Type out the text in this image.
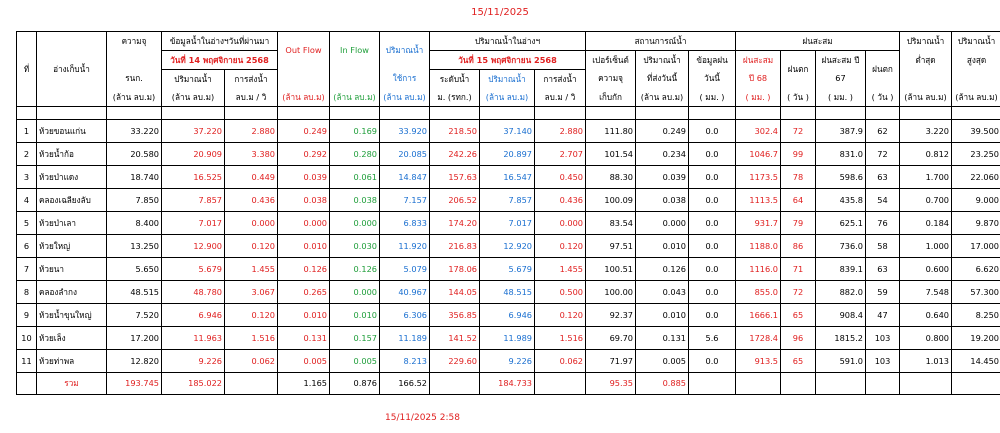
15/11/2025
ที่	อ่างเก็บน้ำ	ความจุ	ข้อมูลน้ำในอ่างฯวันที่ผ่านมา		Out Flow	In Flow	ปริมาณน้ำ	ปริมาณน้ำในอ่างฯ			สถานการณ์น้ำ			ฝนสะสม				ปริมาณน้ำ	ปริมาณน้ำ
			วันที่ 14 พฤศจิกายน 2568					วันที่ 15 พฤศจิกายน 2568			เปอร์เซ็นต์	ปริมาณน้ำ	ข้อมูลฝน	ฝนสะสม	ฝนตก	ฝนสะสม ปี	ฝนตก	ต่ำสุด	สูงสุด
		รนก.	ปริมาณน้ำ	การส่งน้ำ			ใช้การ	ระดับน้ำ	ปริมาณน้ำ	การส่งน้ำ	ความจุ	ที่ส่งวันนี้	วันนี้	ปี 68		67			
		(ล้าน ลบ.ม)	(ล้าน ลบ.ม)	ลบ.ม / วิ	(ล้าน ลบ.ม)	(ล้าน ลบ.ม)	(ล้าน ลบ.ม)	ม. (รทก.)	(ล้าน ลบ.ม)	ลบ.ม / วิ	เก็บกัก	(ล้าน ลบ.ม)	( มม. )	( มม. )	( วัน )	( มม. )	( วัน )	(ล้าน ลบ.ม)	(ล้าน ลบ.ม)

1	ห้วยขอนแก่น	33.220	37.220	2.880	0.249	0.169	33.920	218.50	37.140	2.880	111.80	0.249	0.0	302.4	72	387.9	62	3.220	39.500
2	ห้วยน้ำก้อ	20.580	20.909	3.380	0.292	0.280	20.085	242.26	20.897	2.707	101.54	0.234	0.0	1046.7	99	831.0	72	0.812	23.250
3	ห้วยป่าแดง	18.740	16.525	0.449	0.039	0.061	14.847	157.63	16.547	0.450	88.30	0.039	0.0	1173.5	78	598.6	63	1.700	22.060
4	คลองเฉลียงลับ	7.850	7.857	0.436	0.038	0.038	7.157	206.52	7.857	0.436	100.09	0.038	0.0	1113.5	64	435.8	54	0.700	9.000
5	ห้วยป่าเลา	8.400	7.017	0.000	0.000	0.000	6.833	174.20	7.017	0.000	83.54	0.000	0.0	931.7	79	625.1	76	0.184	9.870
6	ห้วยใหญ่	13.250	12.900	0.120	0.010	0.030	11.920	216.83	12.920	0.120	97.51	0.010	0.0	1188.0	86	736.0	58	1.000	17.000
7	ห้วยนา	5.650	5.679	1.455	0.126	0.126	5.079	178.06	5.679	1.455	100.51	0.126	0.0	1116.0	71	839.1	63	0.600	6.620
8	คลองลำกง	48.515	48.780	3.067	0.265	0.000	40.967	144.05	48.515	0.500	100.00	0.043	0.0	855.0	72	882.0	59	7.548	57.300
9	ห้วยน้ำขุนใหญ่	7.520	6.946	0.120	0.010	0.010	6.306	356.85	6.946	0.120	92.37	0.010	0.0	1666.1	65	908.4	47	0.640	8.250
10	ห้วยเล็ง	17.200	11.963	1.516	0.131	0.157	11.189	141.52	11.989	1.516	69.70	0.131	5.6	1728.4	96	1815.2	103	0.800	19.200
11	ห้วยท่าพล	12.820	9.226	0.062	0.005	0.005	8.213	229.60	9.226	0.062	71.97	0.005	0.0	913.5	65	591.0	103	1.013	14.450
	รวม	193.745	185.022		1.165	0.876	166.52		184.733		95.35	0.885							
15/11/2025 2:58
